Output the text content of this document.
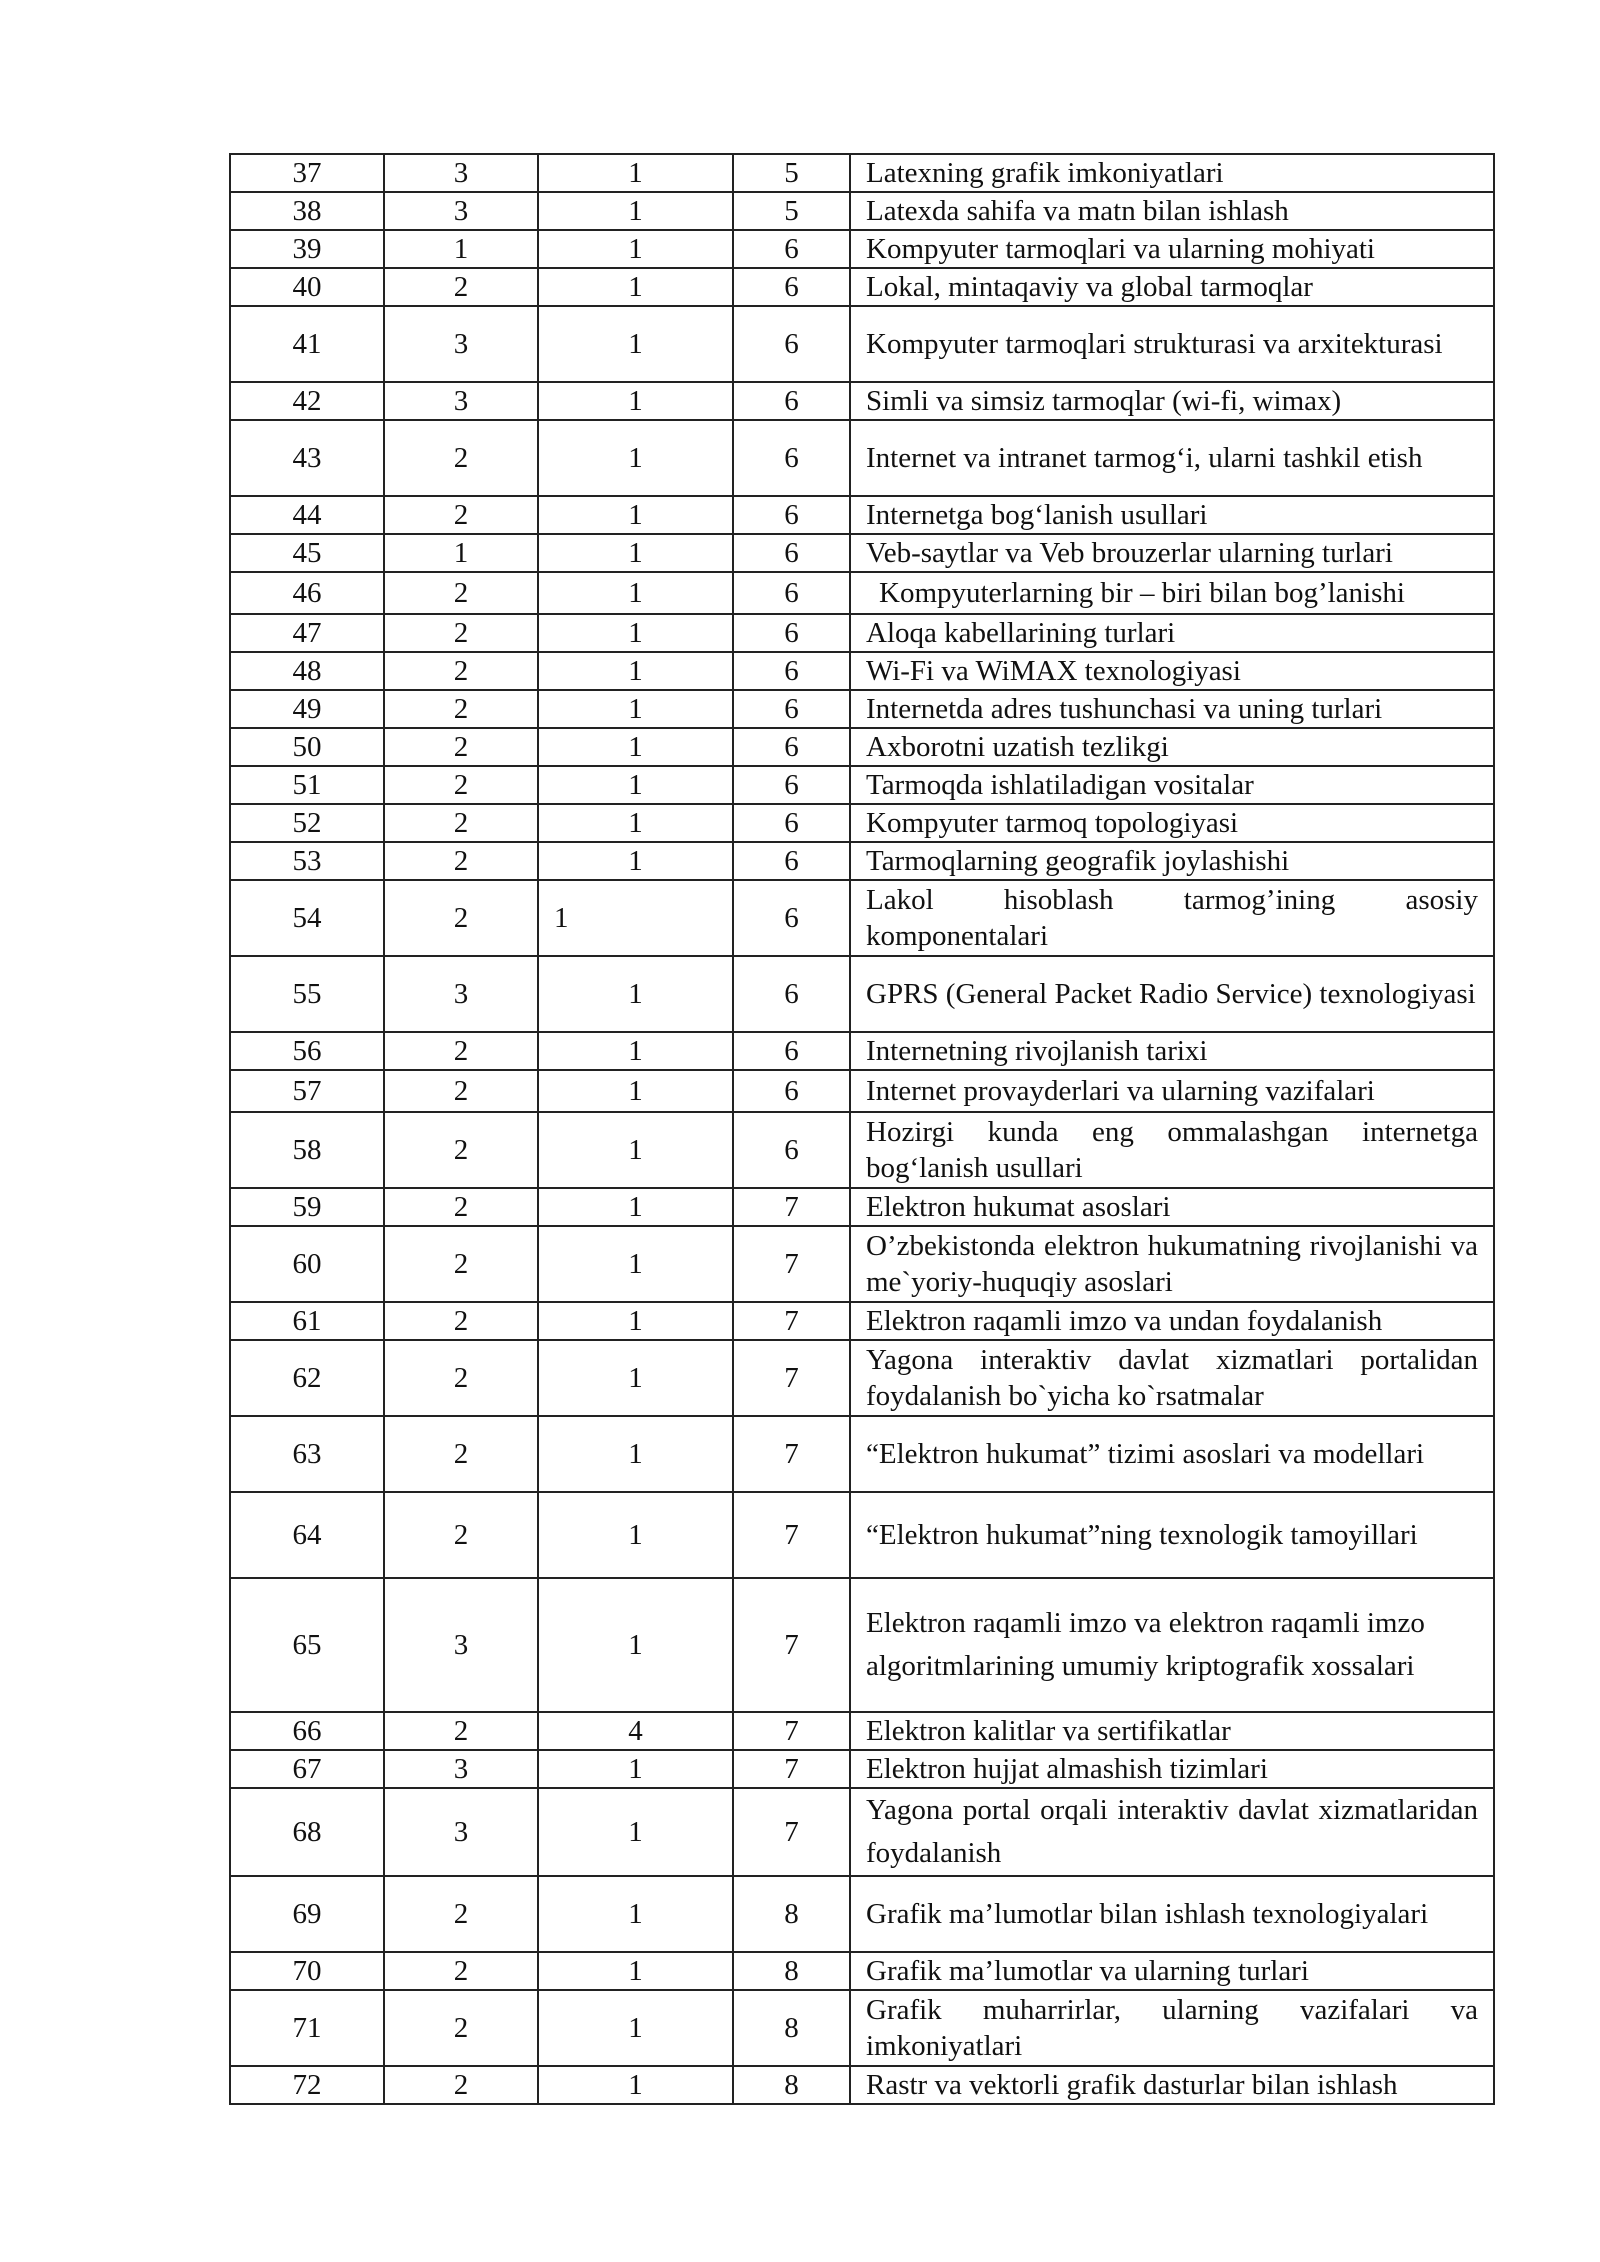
37	3	1	5	Latexning grafik imkoniyatlari
38	3	1	5	Latexda sahifa va matn bilan ishlash
39	1	1	6	Kompyuter tarmoqlari va ularning mohiyati
40	2	1	6	Lokal, mintaqaviy va global tarmoqlar
41	3	1	6	Kompyuter tarmoqlari strukturasi va arxitekturasi
42	3	1	6	Simli va simsiz tarmoqlar (wi-fi, wimax)
43	2	1	6	Internet va intranet tarmog‘i, ularni tashkil etish
44	2	1	6	Internetga bog‘lanish usullari
45	1	1	6	Veb-saytlar va Veb brouzerlar ularning turlari
46	2	1	6	Kompyuterlarning bir – biri bilan bog’lanishi
47	2	1	6	Aloqa kabellarining turlari
48	2	1	6	Wi-Fi va WiMAX texnologiyasi
49	2	1	6	Internetda adres tushunchasi va uning turlari
50	2	1	6	Axborotni uzatish tezlikgi
51	2	1	6	Tarmoqda ishlatiladigan vositalar
52	2	1	6	Kompyuter tarmoq topologiyasi
53	2	1	6	Tarmoqlarning geografik joylashishi
54	2	1	6	Lakol hisoblash tarmog’ining asosiy komponentalari
55	3	1	6	GPRS (General Packet Radio Service) texnologiyasi
56	2	1	6	Internetning rivojlanish tarixi
57	2	1	6	Internet provayderlari va ularning vazifalari
58	2	1	6	Hozirgi kunda eng ommalashgan internetga bog‘lanish usullari
59	2	1	7	Elektron hukumat asoslari
60	2	1	7	O’zbekistonda elektron hukumatning rivojlanishi va me`yoriy-huquqiy asoslari
61	2	1	7	Elektron raqamli imzo va undan foydalanish
62	2	1	7	Yagona interaktiv davlat xizmatlari portalidan foydalanish bo`yicha ko`rsatmalar
63	2	1	7	“Elektron hukumat” tizimi asoslari va modellari
64	2	1	7	“Elektron hukumat”ning texnologik tamoyillari
65	3	1	7	Elektron raqamli imzo va elektron raqamli imzo algoritmlarining umumiy kriptografik xossalari
66	2	4	7	Elektron kalitlar va sertifikatlar
67	3	1	7	Elektron hujjat almashish tizimlari
68	3	1	7	Yagona portal orqali interaktiv davlat xizmatlaridan foydalanish
69	2	1	8	Grafik ma’lumotlar bilan ishlash texnologiyalari
70	2	1	8	Grafik ma’lumotlar va ularning turlari
71	2	1	8	Grafik muharrirlar, ularning vazifalari va imkoniyatlari
72	2	1	8	Rastr va vektorli grafik dasturlar bilan ishlash
